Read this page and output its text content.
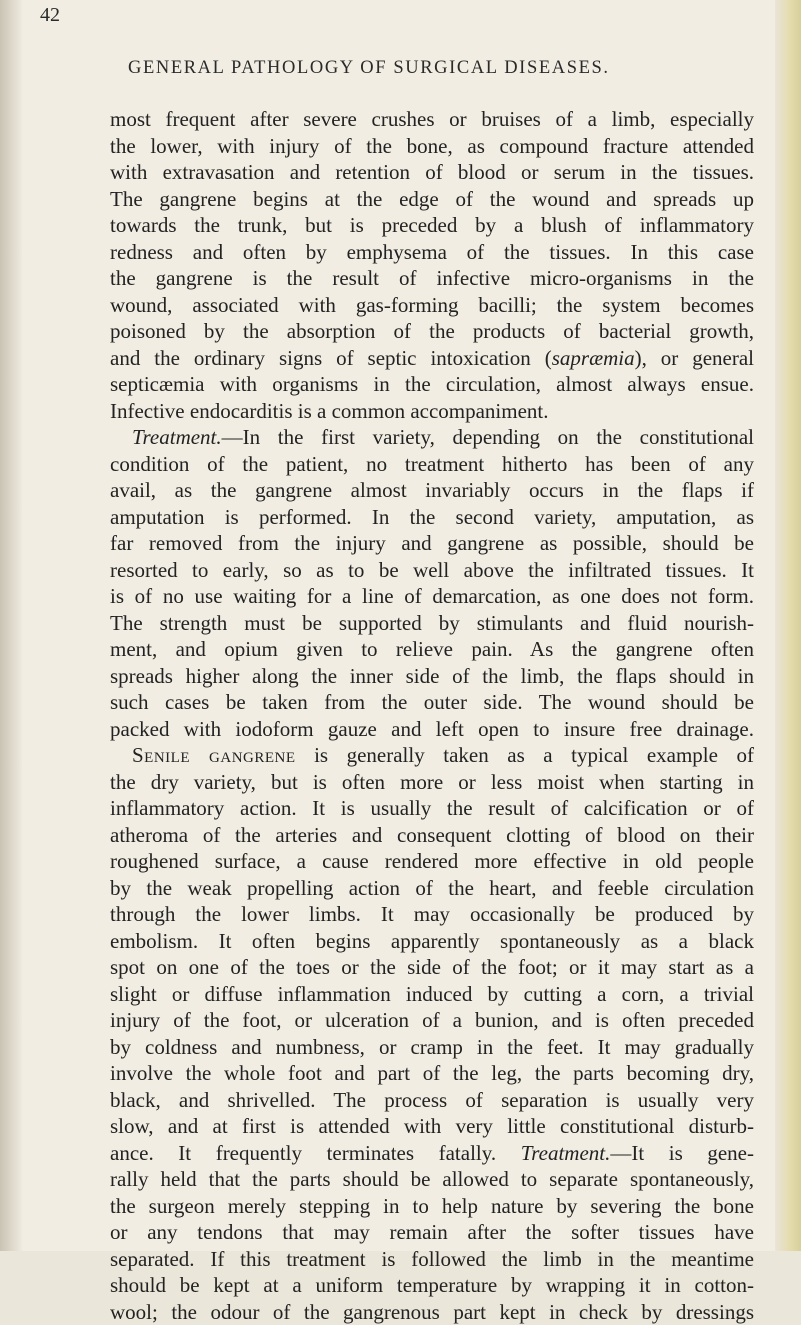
42
GENERAL PATHOLOGY OF SURGICAL DISEASES.
most frequent after severe crushes or bruises of a limb, especially
the lower, with injury of the bone, as compound fracture attended
with extravasation and retention of blood or serum in the tissues.
The gangrene begins at the edge of the wound and spreads up
towards the trunk, but is preceded by a blush of inflammatory
redness and often by emphysema of the tissues. In this case
the gangrene is the result of infective micro-organisms in the
wound, associated with gas-forming bacilli; the system becomes
poisoned by the absorption of the products of bacterial growth,
and the ordinary signs of septic intoxication (sapræmia), or general
septicæmia with organisms in the circulation, almost always ensue.
Infective endocarditis is a common accompaniment.
Treatment.—In the first variety, depending on the constitutional
condition of the patient, no treatment hitherto has been of any
avail, as the gangrene almost invariably occurs in the flaps if
amputation is performed. In the second variety, amputation, as
far removed from the injury and gangrene as possible, should be
resorted to early, so as to be well above the infiltrated tissues. It
is of no use waiting for a line of demarcation, as one does not form.
The strength must be supported by stimulants and fluid nourish-
ment, and opium given to relieve pain. As the gangrene often
spreads higher along the inner side of the limb, the flaps should in
such cases be taken from the outer side. The wound should be
packed with iodoform gauze and left open to insure free drainage.
Senile gangrene is generally taken as a typical example of
the dry variety, but is often more or less moist when starting in
inflammatory action. It is usually the result of calcification or of
atheroma of the arteries and consequent clotting of blood on their
roughened surface, a cause rendered more effective in old people
by the weak propelling action of the heart, and feeble circulation
through the lower limbs. It may occasionally be produced by
embolism. It often begins apparently spontaneously as a black
spot on one of the toes or the side of the foot; or it may start as a
slight or diffuse inflammation induced by cutting a corn, a trivial
injury of the foot, or ulceration of a bunion, and is often preceded
by coldness and numbness, or cramp in the feet. It may gradually
involve the whole foot and part of the leg, the parts becoming dry,
black, and shrivelled. The process of separation is usually very
slow, and at first is attended with very little constitutional disturb-
ance. It frequently terminates fatally. Treatment.—It is gene-
rally held that the parts should be allowed to separate spontaneously,
the surgeon merely stepping in to help nature by severing the bone
or any tendons that may remain after the softer tissues have
separated. If this treatment is followed the limb in the meantime
should be kept at a uniform temperature by wrapping it in cotton-
wool; the odour of the gangrenous part kept in check by dressings
